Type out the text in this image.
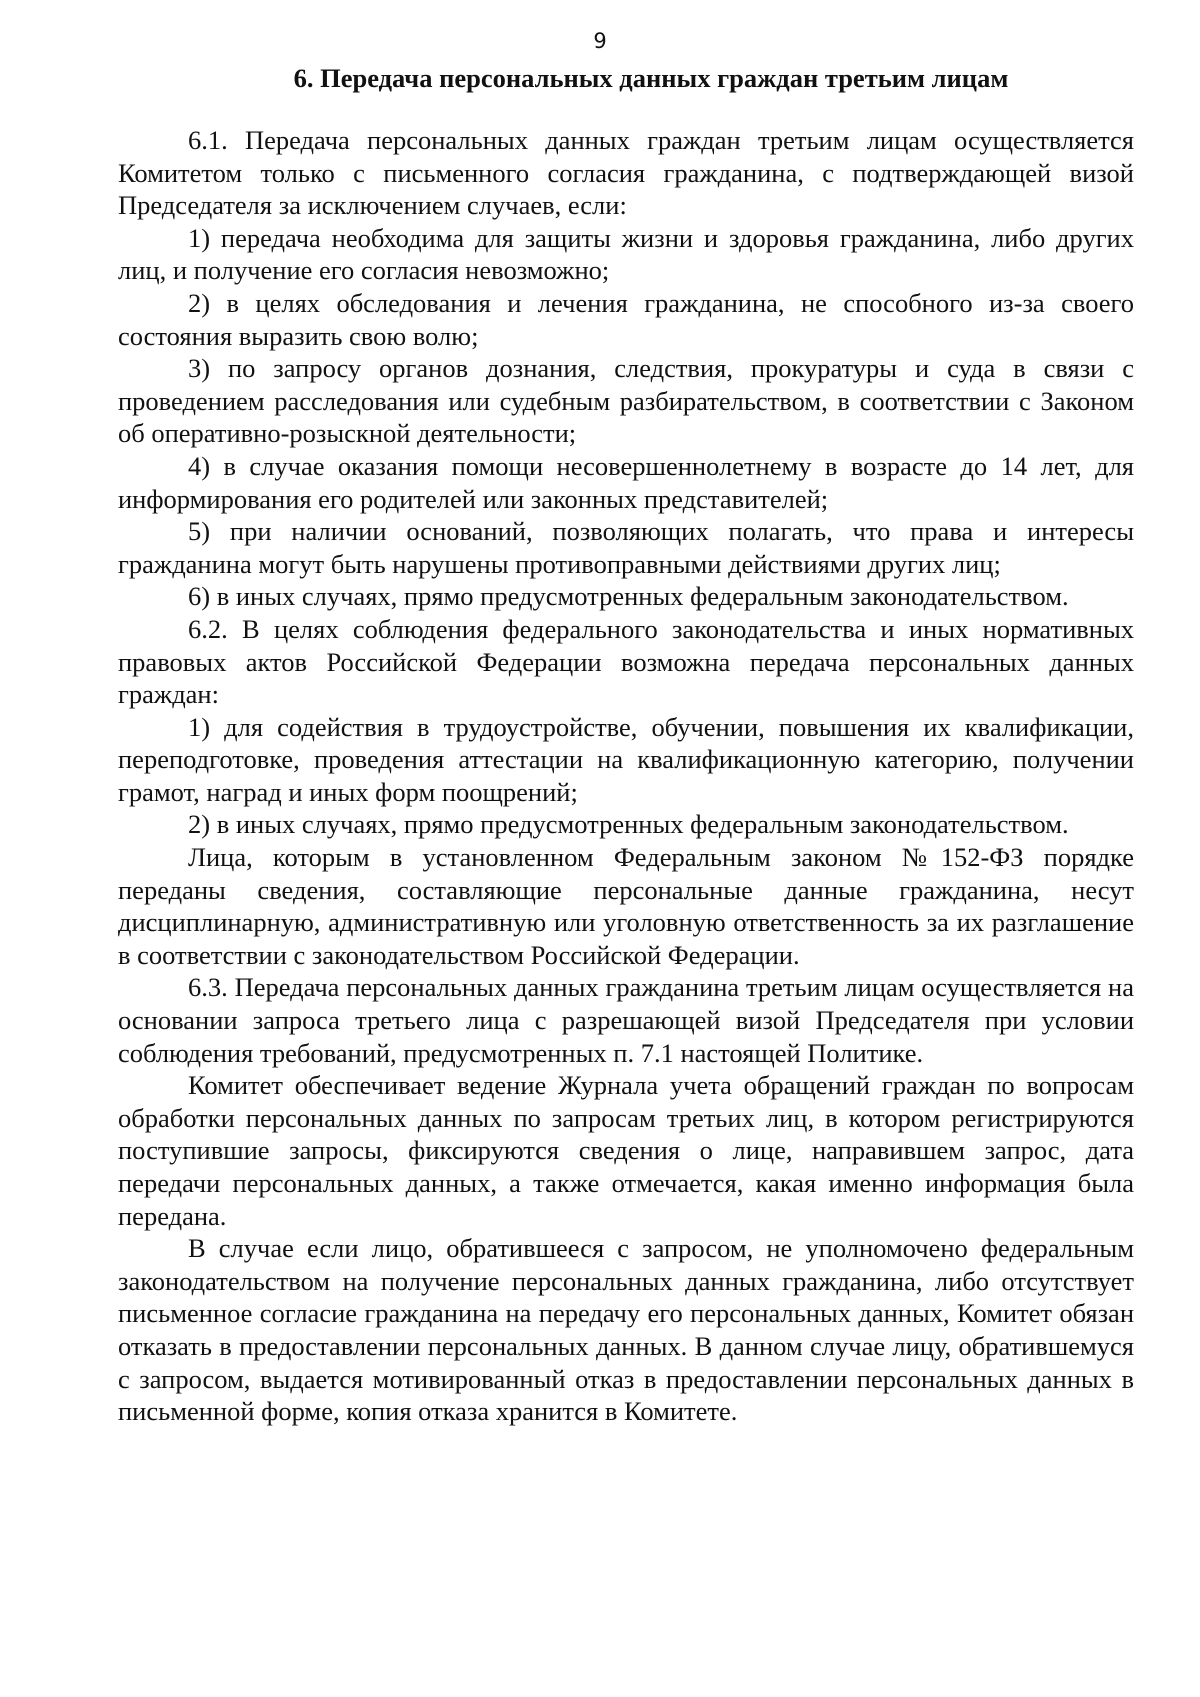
9
6. Передача персональных данных граждан третьим лицам

6.1. Передача персональных данных граждан третьим лицам осуществляется Комитетом только с письменного согласия гражданина, с подтверждающей визой Председателя за исключением случаев, если:

1) передача необходима для защиты жизни и здоровья гражданина, либо других лиц, и получение его согласия невозможно;

2) в целях обследования и лечения гражданина, не способного из-за своего состояния выразить свою волю;

3) по запросу органов дознания, следствия, прокуратуры и суда в связи с проведением расследования или судебным разбирательством, в соответствии с Законом об оперативно-розыскной деятельности;

4) в случае оказания помощи несовершеннолетнему в возрасте до 14 лет, для информирования его родителей или законных представителей;

5) при наличии оснований, позволяющих полагать, что права и интересы гражданина могут быть нарушены противоправными действиями других лиц;

6) в иных случаях, прямо предусмотренных федеральным законодательством.

6.2. В целях соблюдения федерального законодательства и иных нормативных правовых актов Российской Федерации возможна передача персональных данных граждан:

1) для содействия в трудоустройстве, обучении, повышения их квалификации, переподготовке, проведения аттестации на квалификационную категорию, получении грамот, наград и иных форм поощрений;

2) в иных случаях, прямо предусмотренных федеральным законодательством.

Лица, которым в установленном Федеральным законом №152-ФЗ порядке переданы сведения, составляющие персональные данные гражданина, несут дисциплинарную, административную или уголовную ответственность за их разглашение в соответствии с законодательством Российской Федерации.

6.3. Передача персональных данных гражданина третьим лицам осуществляется на основании запроса третьего лица с разрешающей визой Председателя при условии соблюдения требований, предусмотренных п. 7.1 настоящей Политике.

Комитет обеспечивает ведение Журнала учета обращений граждан по вопросам обработки персональных данных по запросам третьих лиц, в котором регистрируются поступившие запросы, фиксируются сведения о лице, направившем запрос, дата передачи персональных данных, а также отмечается, какая именно информация была передана.

В случае если лицо, обратившееся с запросом, не уполномочено федеральным законодательством на получение персональных данных гражданина, либо отсутствует письменное согласие гражданина на передачу его персональных данных, Комитет обязан отказать в предоставлении персональных данных. В данном случае лицу, обратившемуся с запросом, выдается мотивированный отказ в предоставлении персональных данных в письменной форме, копия отказа хранится в Комитете.
